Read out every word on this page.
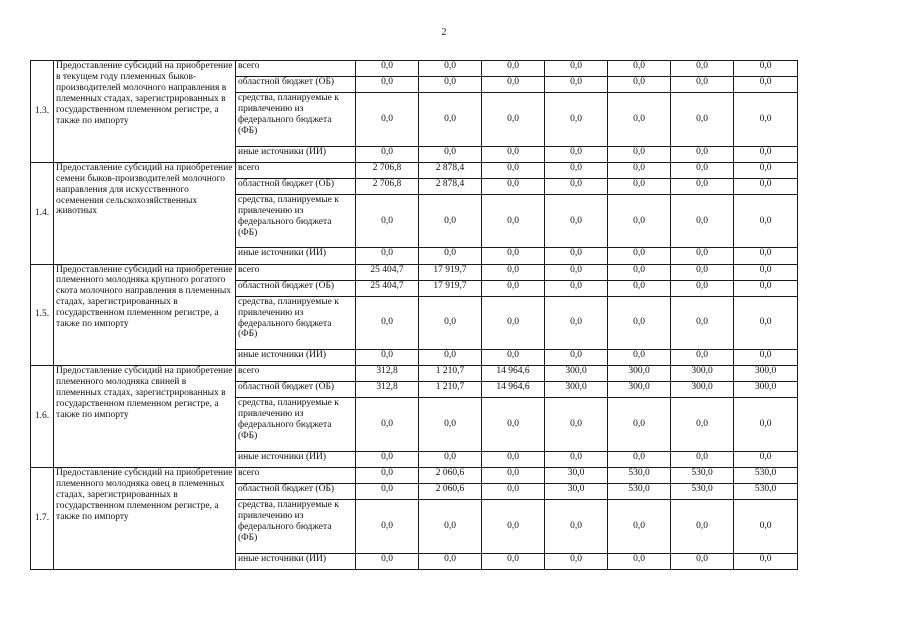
2
1.3.	Предоставление субсидий на приобретение в текущем году племенных быков-производителей молочного направления в племенных стадах, зарегистрированных в государственном племенном регистре, а также по импорту	всего	0,0	0,0	0,0	0,0	0,0	0,0	0,0
		областной бюджет (ОБ)	0,0	0,0	0,0	0,0	0,0	0,0	0,0
		средства, планируемые к привлечению из федерального бюджета (ФБ)	0,0	0,0	0,0	0,0	0,0	0,0	0,0
		иные источники (ИИ)	0,0	0,0	0,0	0,0	0,0	0,0	0,0
1.4.	Предоставление субсидий на приобретение семени быков-производителей молочного направления для искусственного осеменения сельскохозяйственных животных	всего	2 706,8	2 878,4	0,0	0,0	0,0	0,0	0,0
		областной бюджет (ОБ)	2 706,8	2 878,4	0,0	0,0	0,0	0,0	0,0
		средства, планируемые к привлечению из федерального бюджета (ФБ)	0,0	0,0	0,0	0,0	0,0	0,0	0,0
		иные источники (ИИ)	0,0	0,0	0,0	0,0	0,0	0,0	0,0
1.5.	Предоставление субсидий на приобретение племенного молодняка крупного рогатого скота молочного направления в племенных стадах, зарегистрированных в государственном племенном регистре, а также по импорту	всего	25 404,7	17 919,7	0,0	0,0	0,0	0,0	0,0
		областной бюджет (ОБ)	25 404,7	17 919,7	0,0	0,0	0,0	0,0	0,0
		средства, планируемые к привлечению из федерального бюджета (ФБ)	0,0	0,0	0,0	0,0	0,0	0,0	0,0
		иные источники (ИИ)	0,0	0,0	0,0	0,0	0,0	0,0	0,0
1.6.	Предоставление субсидий на приобретение племенного молодняка свиней в племенных стадах, зарегистрированных в государственном племенном регистре, а также по импорту	всего	312,8	1 210,7	14 964,6	300,0	300,0	300,0	300,0
		областной бюджет (ОБ)	312,8	1 210,7	14 964,6	300,0	300,0	300,0	300,0
		средства, планируемые к привлечению из федерального бюджета (ФБ)	0,0	0,0	0,0	0,0	0,0	0,0	0,0
		иные источники (ИИ)	0,0	0,0	0,0	0,0	0,0	0,0	0,0
1.7.	Предоставление субсидий на приобретение племенного молодняка овец в племенных стадах, зарегистрированных в государственном племенном регистре, а также по импорту	всего	0,0	2 060,6	0,0	30,0	530,0	530,0	530,0
		областной бюджет (ОБ)	0,0	2 060,6	0,0	30,0	530,0	530,0	530,0
		средства, планируемые к привлечению из федерального бюджета (ФБ)	0,0	0,0	0,0	0,0	0,0	0,0	0,0
		иные источники (ИИ)	0,0	0,0	0,0	0,0	0,0	0,0	0,0
